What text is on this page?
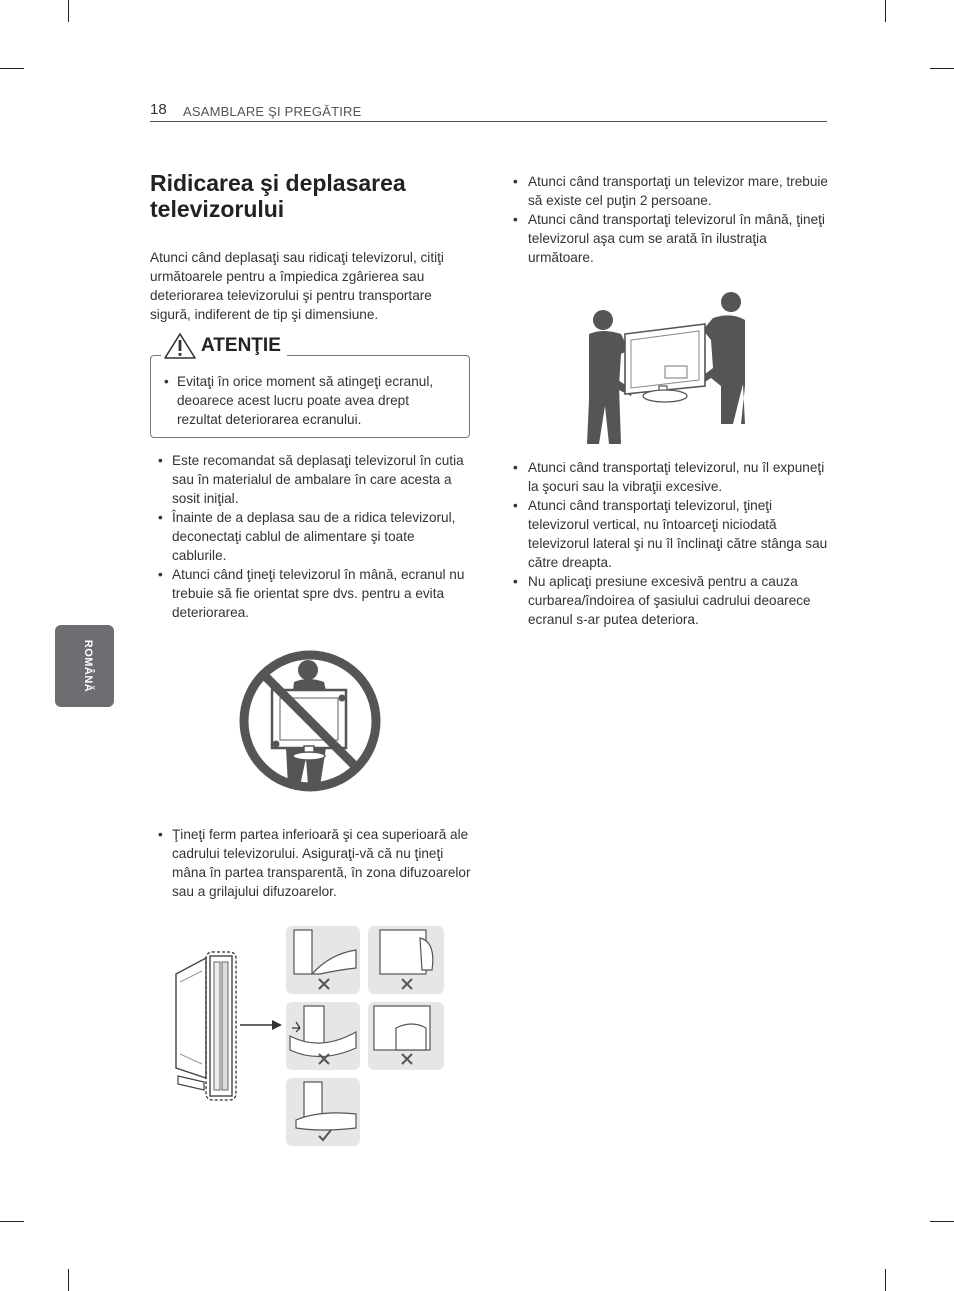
18 ASAMBLARE ŞI PREGĂTIRE
ROMÂNĂ
Ridicarea şi deplasarea televizorului

Atunci când deplasaţi sau ridicaţi televizorul, citiţi următoarele pentru a împiedica zgârierea sau deteriorarea televizorului şi pentru transportare sigură, indiferent de tip şi dimensiune.

ATENŢIE
• Evitaţi în orice moment să atingeţi ecranul, deoarece acest lucru poate avea drept rezultat deteriorarea ecranului.
• Este recomandat să deplasaţi televizorul în cutia sau în materialul de ambalare în care acesta a sosit iniţial.
• Înainte de a deplasa sau de a ridica televizorul, deconectaţi cablul de alimentare şi toate cablurile.
• Atunci când ţineţi televizorul în mână, ecranul nu trebuie să fie orientat spre dvs. pentru a evita deteriorarea.
• Ţineţi ferm partea inferioară şi cea superioară ale cadrului televizorului. Asiguraţi-vă că nu ţineţi mâna în partea transparentă, în zona difuzoarelor sau a grilajului difuzoarelor.
• Atunci când transportaţi un televizor mare, trebuie să existe cel puţin 2 persoane.
• Atunci când transportaţi televizorul în mână, ţineţi televizorul aşa cum se arată în ilustraţia următoare.
• Atunci când transportaţi televizorul, nu îl expuneţi la şocuri sau la vibraţii excesive.
• Atunci când transportaţi televizorul, ţineţi televizorul vertical, nu întoarceţi niciodată televizorul lateral şi nu îl înclinaţi către stânga sau către dreapta.
• Nu aplicaţi presiune excesivă pentru a cauza curbarea/îndoirea of şasiului cadrului deoarece ecranul s-ar putea deteriora.
